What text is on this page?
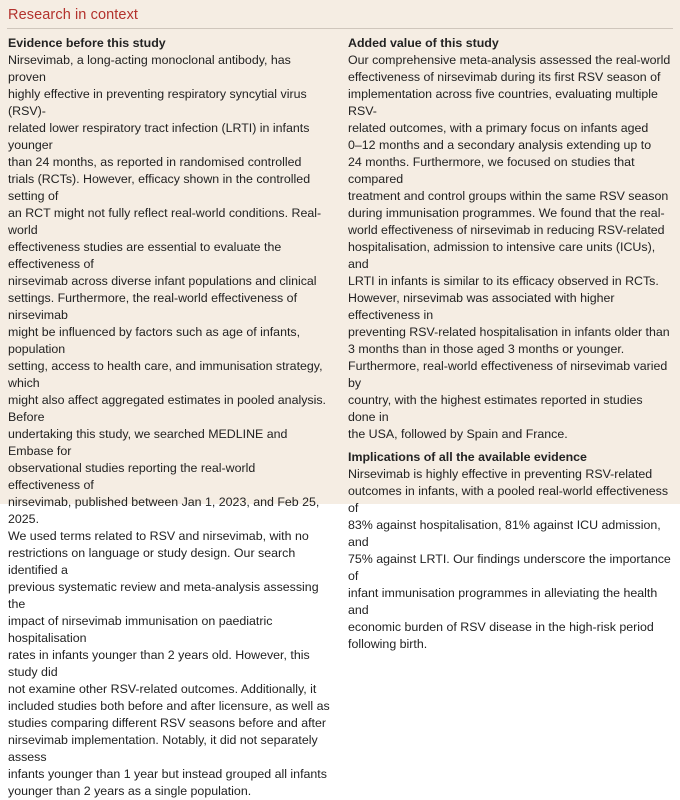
Research in context

Evidence before this study

Nirsevimab, a long-acting monoclonal antibody, has proven
highly effective in preventing respiratory syncytial virus (RSV)-
related lower respiratory tract infection (LRTI) in infants younger
than 24 months, as reported in randomised controlled
trials (RCTs). However, efficacy shown in the controlled setting of
an RCT might not fully reflect real-world conditions. Real-world
effectiveness studies are essential to evaluate the effectiveness of
nirsevimab across diverse infant populations and clinical
settings. Furthermore, the real-world effectiveness of nirsevimab
might be influenced by factors such as age of infants, population
setting, access to health care, and immunisation strategy, which
might also affect aggregated estimates in pooled analysis. Before
undertaking this study, we searched MEDLINE and Embase for
observational studies reporting the real-world effectiveness of
nirsevimab, published between Jan 1, 2023, and Feb 25, 2025.
We used terms related to RSV and nirsevimab, with no
restrictions on language or study design. Our search identified a
previous systematic review and meta-analysis assessing the
impact of nirsevimab immunisation on paediatric hospitalisation
rates in infants younger than 2 years old. However, this study did
not examine other RSV-related outcomes. Additionally, it
included studies both before and after licensure, as well as
studies comparing different RSV seasons before and after
nirsevimab implementation. Notably, it did not separately assess
infants younger than 1 year but instead grouped all infants
younger than 2 years as a single population.

Added value of this study

Our comprehensive meta-analysis assessed the real-world
effectiveness of nirsevimab during its first RSV season of
implementation across five countries, evaluating multiple RSV-
related outcomes, with a primary focus on infants aged
0–12 months and a secondary analysis extending up to
24 months. Furthermore, we focused on studies that compared
treatment and control groups within the same RSV season
during immunisation programmes. We found that the real-
world effectiveness of nirsevimab in reducing RSV-related
hospitalisation, admission to intensive care units (ICUs), and
LRTI in infants is similar to its efficacy observed in RCTs.
However, nirsevimab was associated with higher effectiveness in
preventing RSV-related hospitalisation in infants older than
3 months than in those aged 3 months or younger.
Furthermore, real-world effectiveness of nirsevimab varied by
country, with the highest estimates reported in studies done in
the USA, followed by Spain and France.

Implications of all the available evidence

Nirsevimab is highly effective in preventing RSV-related
outcomes in infants, with a pooled real-world effectiveness of
83% against hospitalisation, 81% against ICU admission, and
75% against LRTI. Our findings underscore the importance of
infant immunisation programmes in alleviating the health and
economic burden of RSV disease in the high-risk period
following birth.
